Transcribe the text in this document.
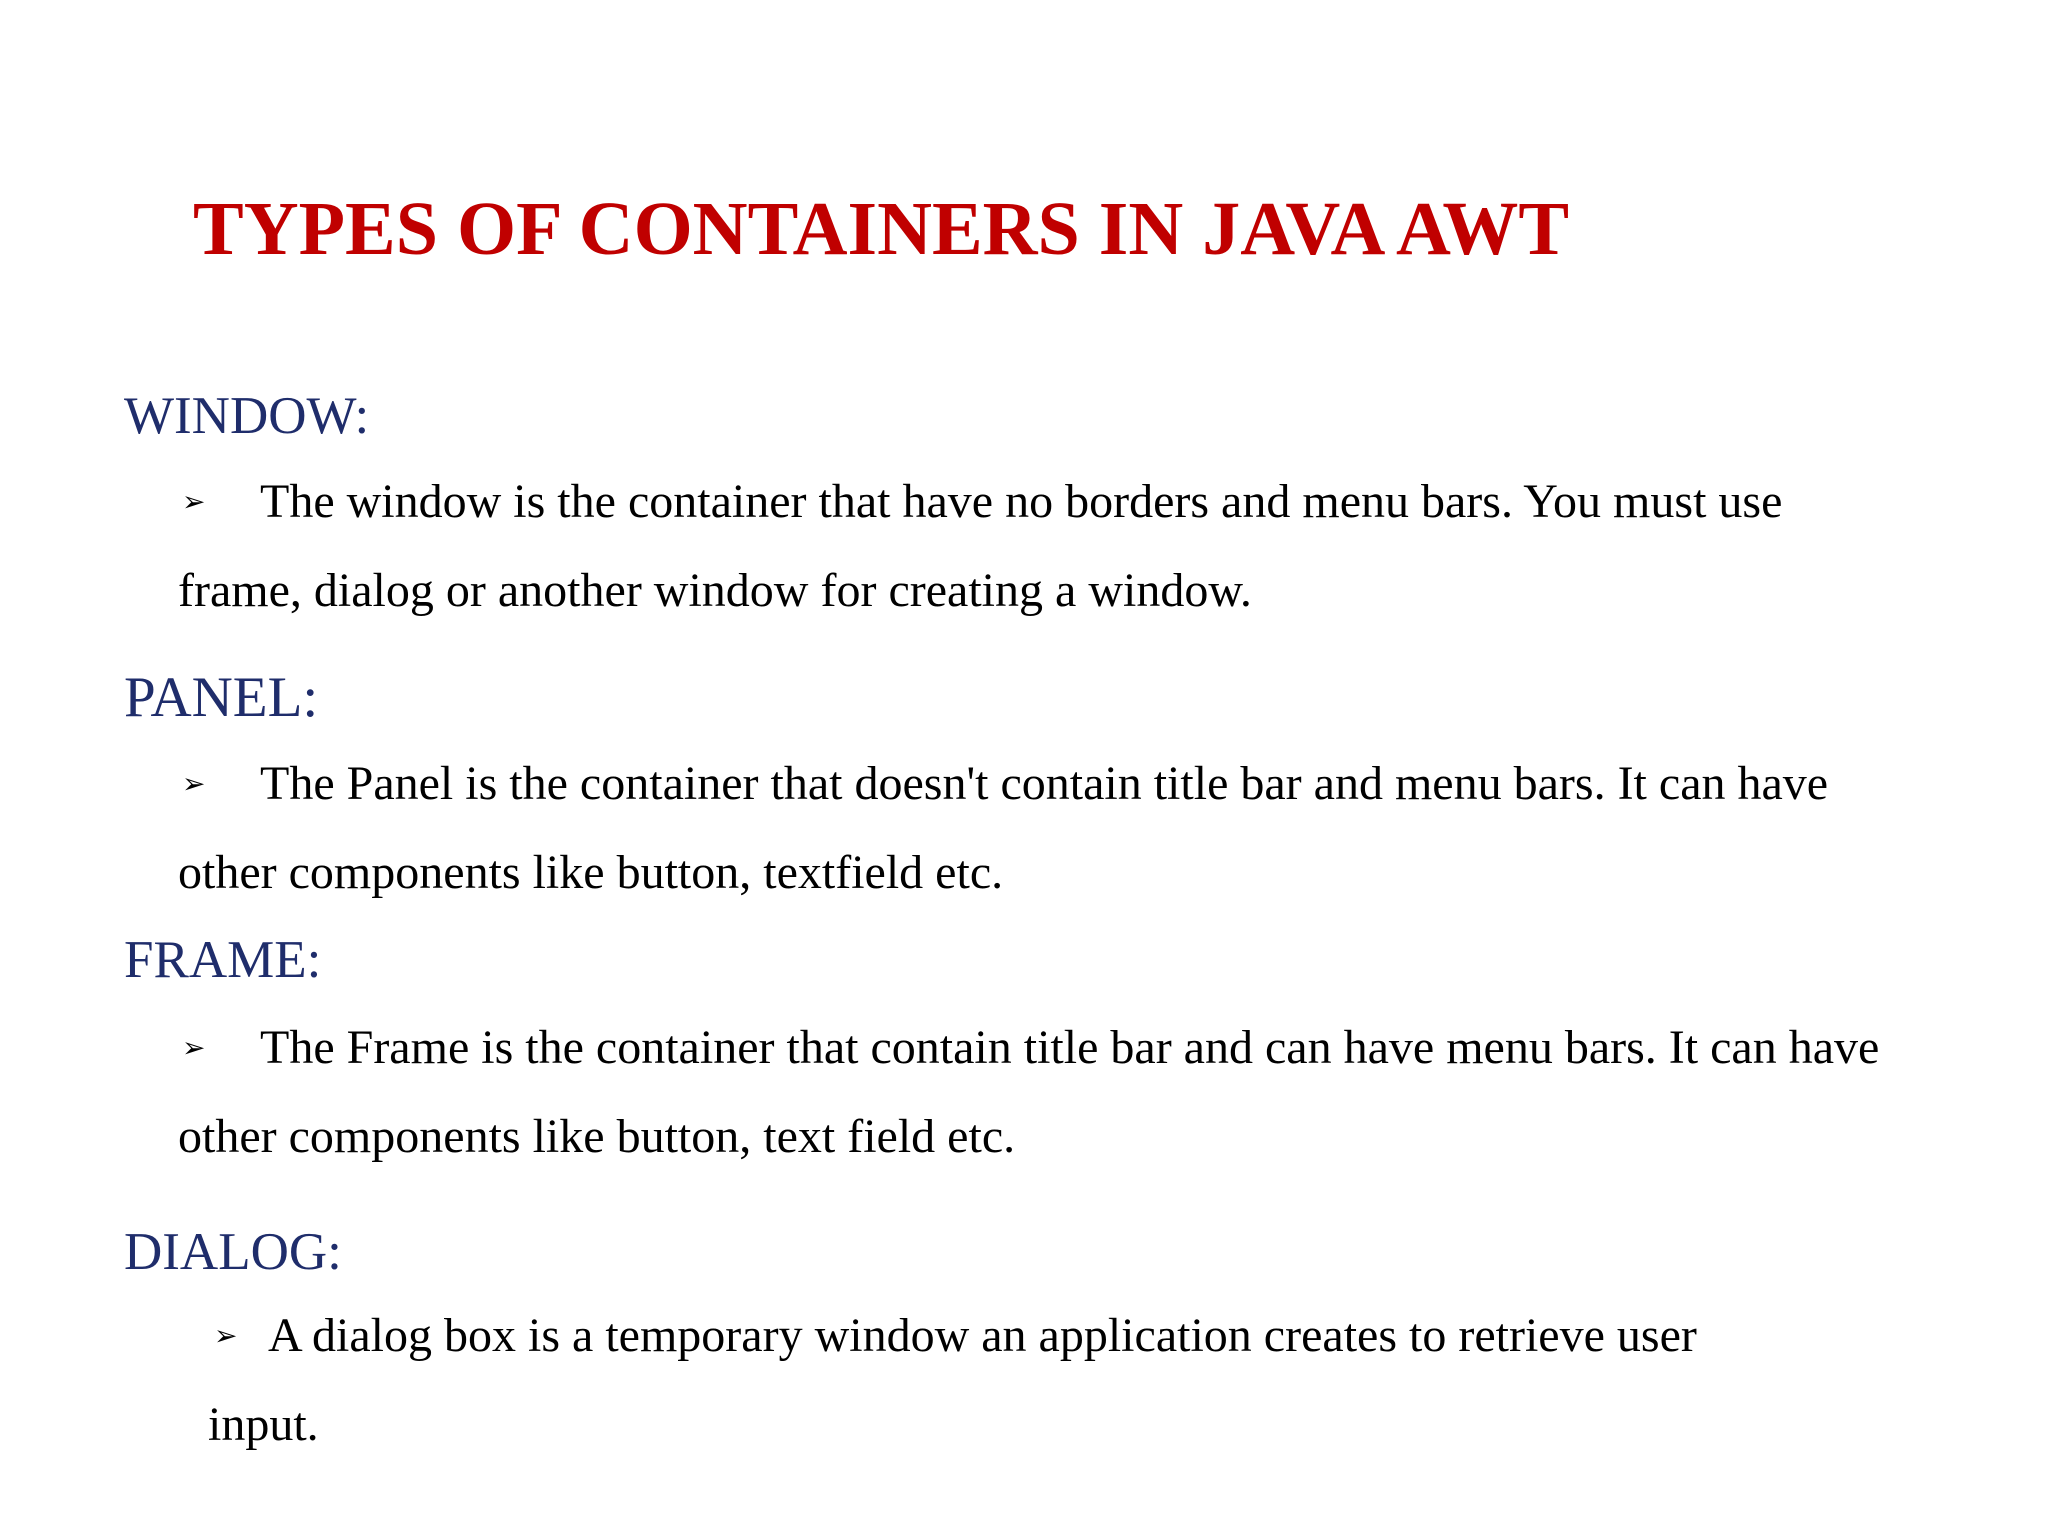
TYPES OF CONTAINERS IN JAVA AWT
WINDOW:

➢ The window is the container that have no borders and menu bars. You must use frame, dialog or another window for creating a window.

PANEL:

➢ The Panel is the container that doesn't contain title bar and menu bars. It can have other components like button, textfield etc.

FRAME:

➢ The Frame is the container that contain title bar and can have menu bars. It can have other components like button, text field etc.

DIALOG:

➢ A dialog box is a temporary window an application creates to retrieve user input.
